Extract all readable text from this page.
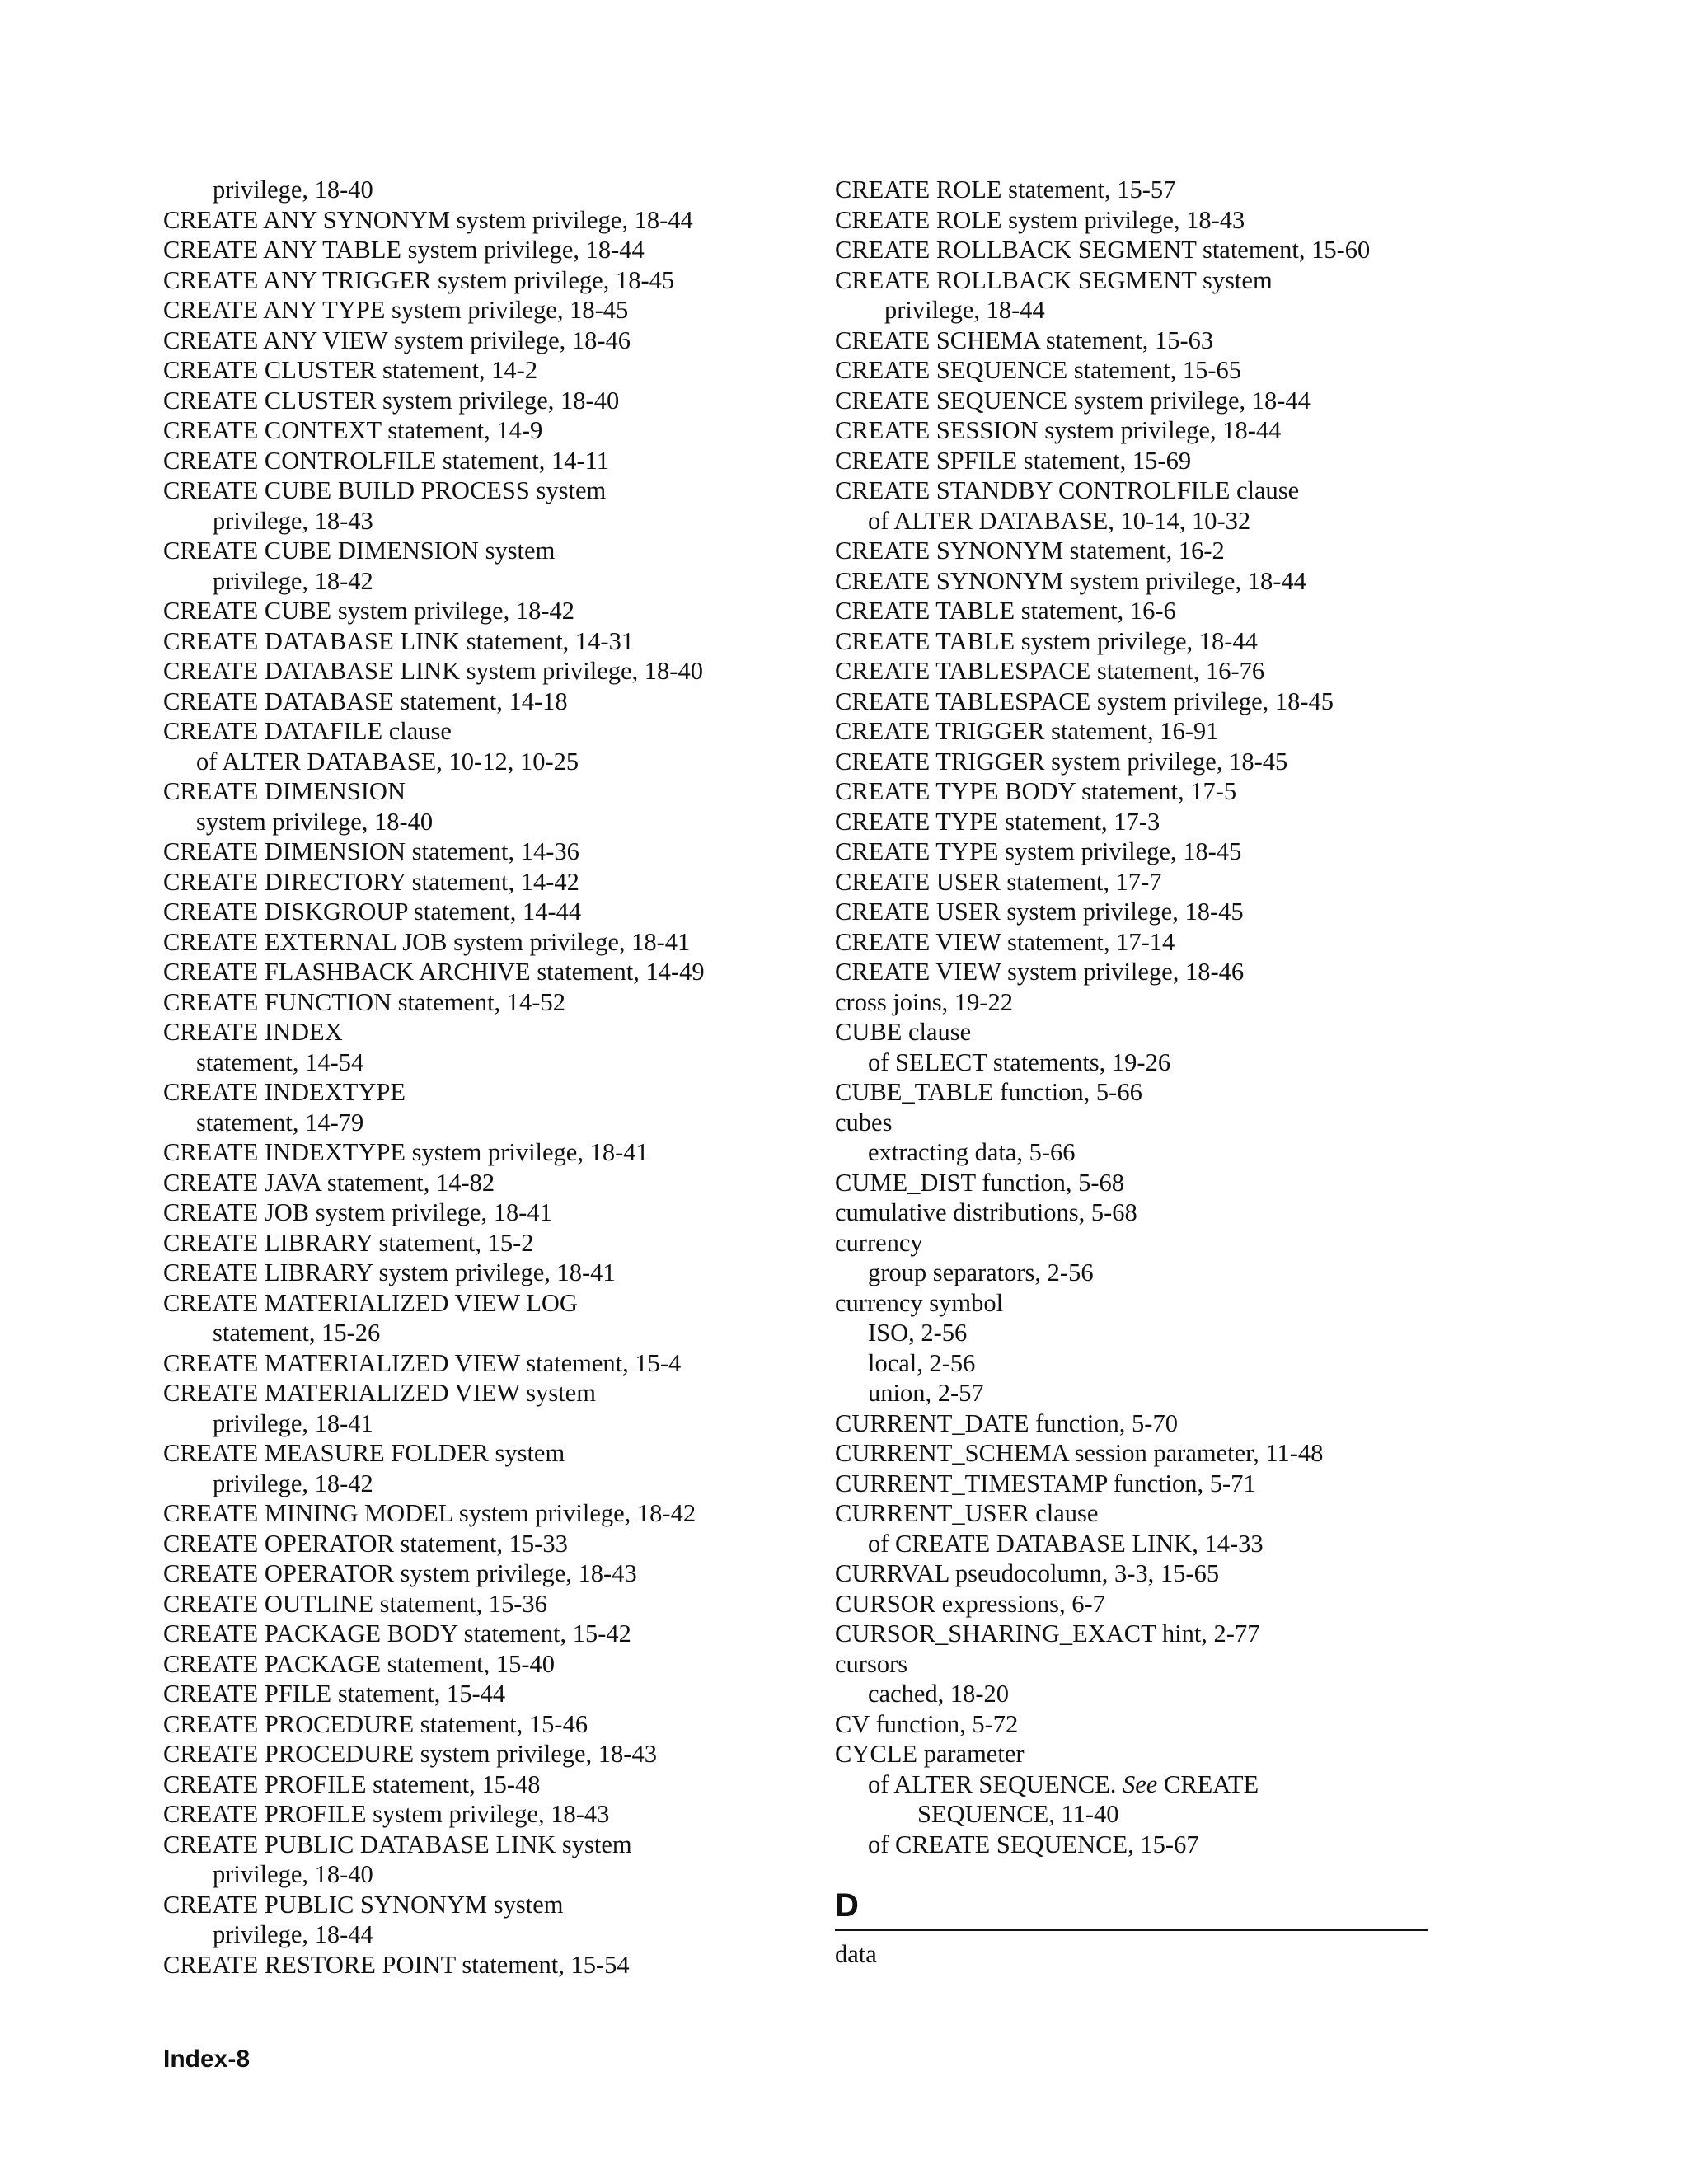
privilege, 18-40
CREATE ANY SYNONYM system privilege, 18-44
CREATE ANY TABLE system privilege, 18-44
CREATE ANY TRIGGER system privilege, 18-45
CREATE ANY TYPE system privilege, 18-45
CREATE ANY VIEW system privilege, 18-46
CREATE CLUSTER statement, 14-2
CREATE CLUSTER system privilege, 18-40
CREATE CONTEXT statement, 14-9
CREATE CONTROLFILE statement, 14-11
CREATE CUBE BUILD PROCESS system
privilege, 18-43
CREATE CUBE DIMENSION system
privilege, 18-42
CREATE CUBE system privilege, 18-42
CREATE DATABASE LINK statement, 14-31
CREATE DATABASE LINK system privilege, 18-40
CREATE DATABASE statement, 14-18
CREATE DATAFILE clause
of ALTER DATABASE, 10-12, 10-25
CREATE DIMENSION
system privilege, 18-40
CREATE DIMENSION statement, 14-36
CREATE DIRECTORY statement, 14-42
CREATE DISKGROUP statement, 14-44
CREATE EXTERNAL JOB system privilege, 18-41
CREATE FLASHBACK ARCHIVE statement, 14-49
CREATE FUNCTION statement, 14-52
CREATE INDEX
statement, 14-54
CREATE INDEXTYPE
statement, 14-79
CREATE INDEXTYPE system privilege, 18-41
CREATE JAVA statement, 14-82
CREATE JOB system privilege, 18-41
CREATE LIBRARY statement, 15-2
CREATE LIBRARY system privilege, 18-41
CREATE MATERIALIZED VIEW LOG
statement, 15-26
CREATE MATERIALIZED VIEW statement, 15-4
CREATE MATERIALIZED VIEW system
privilege, 18-41
CREATE MEASURE FOLDER system
privilege, 18-42
CREATE MINING MODEL system privilege, 18-42
CREATE OPERATOR statement, 15-33
CREATE OPERATOR system privilege, 18-43
CREATE OUTLINE statement, 15-36
CREATE PACKAGE BODY statement, 15-42
CREATE PACKAGE statement, 15-40
CREATE PFILE statement, 15-44
CREATE PROCEDURE statement, 15-46
CREATE PROCEDURE system privilege, 18-43
CREATE PROFILE statement, 15-48
CREATE PROFILE system privilege, 18-43
CREATE PUBLIC DATABASE LINK system
privilege, 18-40
CREATE PUBLIC SYNONYM system
privilege, 18-44
CREATE RESTORE POINT statement, 15-54
CREATE ROLE statement, 15-57
CREATE ROLE system privilege, 18-43
CREATE ROLLBACK SEGMENT statement, 15-60
CREATE ROLLBACK SEGMENT system
privilege, 18-44
CREATE SCHEMA statement, 15-63
CREATE SEQUENCE statement, 15-65
CREATE SEQUENCE system privilege, 18-44
CREATE SESSION system privilege, 18-44
CREATE SPFILE statement, 15-69
CREATE STANDBY CONTROLFILE clause
of ALTER DATABASE, 10-14, 10-32
CREATE SYNONYM statement, 16-2
CREATE SYNONYM system privilege, 18-44
CREATE TABLE statement, 16-6
CREATE TABLE system privilege, 18-44
CREATE TABLESPACE statement, 16-76
CREATE TABLESPACE system privilege, 18-45
CREATE TRIGGER statement, 16-91
CREATE TRIGGER system privilege, 18-45
CREATE TYPE BODY statement, 17-5
CREATE TYPE statement, 17-3
CREATE TYPE system privilege, 18-45
CREATE USER statement, 17-7
CREATE USER system privilege, 18-45
CREATE VIEW statement, 17-14
CREATE VIEW system privilege, 18-46
cross joins, 19-22
CUBE clause
of SELECT statements, 19-26
CUBE_TABLE function, 5-66
cubes
extracting data, 5-66
CUME_DIST function, 5-68
cumulative distributions, 5-68
currency
group separators, 2-56
currency symbol
ISO, 2-56
local, 2-56
union, 2-57
CURRENT_DATE function, 5-70
CURRENT_SCHEMA session parameter, 11-48
CURRENT_TIMESTAMP function, 5-71
CURRENT_USER clause
of CREATE DATABASE LINK, 14-33
CURRVAL pseudocolumn, 3-3, 15-65
CURSOR expressions, 6-7
CURSOR_SHARING_EXACT hint, 2-77
cursors
cached, 18-20
CV function, 5-72
CYCLE parameter
of ALTER SEQUENCE. See CREATE
SEQUENCE, 11-40
of CREATE SEQUENCE, 15-67
D
data
Index-8
